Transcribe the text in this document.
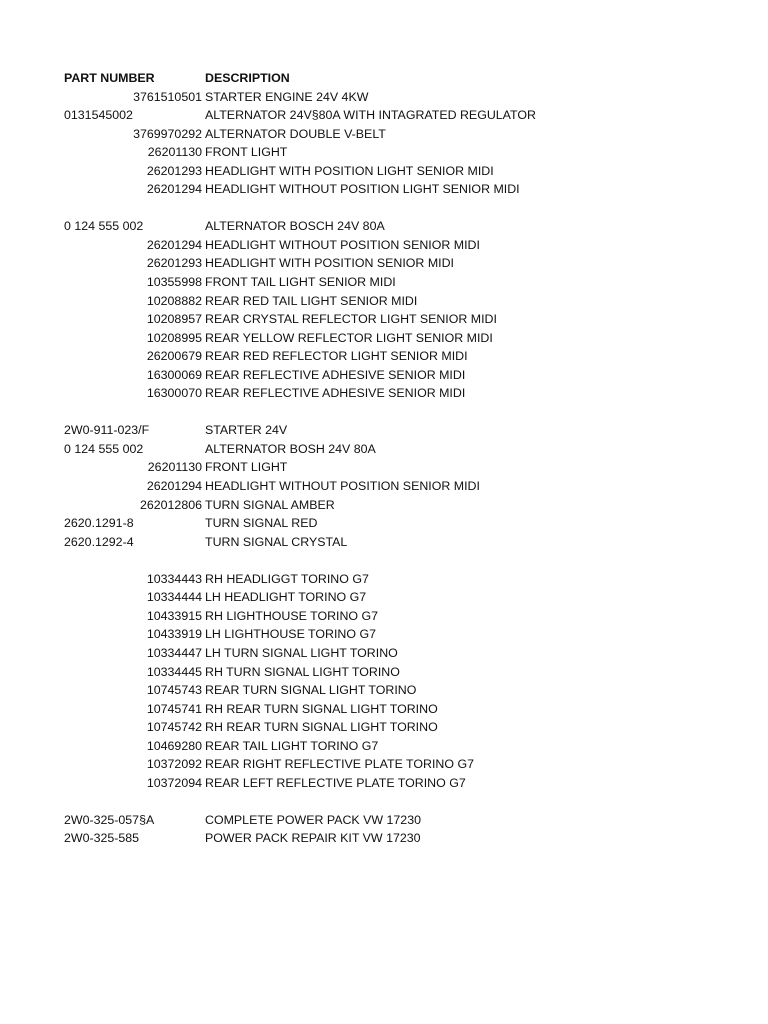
PART NUMBER	DESCRIPTION
3761510501 STARTER ENGINE 24V 4KW
0131545002	ALTERNATOR 24V§80A WITH INTAGRATED REGULATOR
3769970292 ALTERNATOR DOUBLE V-BELT
26201130 FRONT LIGHT
26201293 HEADLIGHT WITH POSITION LIGHT SENIOR MIDI
26201294 HEADLIGHT WITHOUT POSITION LIGHT SENIOR MIDI
0 124 555 002	ALTERNATOR BOSCH 24V 80A
26201294 HEADLIGHT WITHOUT POSITION SENIOR MIDI
26201293 HEADLIGHT WITH POSITION SENIOR MIDI
10355998 FRONT TAIL LIGHT SENIOR MIDI
10208882 REAR RED TAIL LIGHT SENIOR MIDI
10208957 REAR CRYSTAL REFLECTOR LIGHT SENIOR MIDI
10208995 REAR YELLOW REFLECTOR LIGHT SENIOR MIDI
26200679 REAR RED REFLECTOR LIGHT SENIOR MIDI
16300069 REAR REFLECTIVE ADHESIVE SENIOR MIDI
16300070 REAR REFLECTIVE ADHESIVE SENIOR MIDI
2W0-911-023/F	STARTER 24V
0 124 555 002	ALTERNATOR BOSH 24V 80A
26201130 FRONT LIGHT
26201294 HEADLIGHT WITHOUT POSITION SENIOR MIDI
262012806 TURN SIGNAL AMBER
2620.1291-8	TURN SIGNAL RED
2620.1292-4	TURN SIGNAL CRYSTAL
10334443 RH HEADLIGGT TORINO G7
10334444 LH HEADLIGHT TORINO G7
10433915 RH LIGHTHOUSE TORINO G7
10433919 LH LIGHTHOUSE TORINO G7
10334447 LH TURN SIGNAL LIGHT TORINO
10334445 RH TURN SIGNAL LIGHT TORINO
10745743 REAR TURN SIGNAL LIGHT TORINO
10745741 RH REAR TURN SIGNAL LIGHT TORINO
10745742 RH REAR TURN SIGNAL LIGHT TORINO
10469280 REAR TAIL LIGHT TORINO G7
10372092 REAR RIGHT REFLECTIVE PLATE TORINO G7
10372094 REAR LEFT REFLECTIVE PLATE TORINO G7
2W0-325-057§A	COMPLETE POWER PACK VW 17230
2W0-325-585	POWER PACK REPAIR KIT VW 17230
